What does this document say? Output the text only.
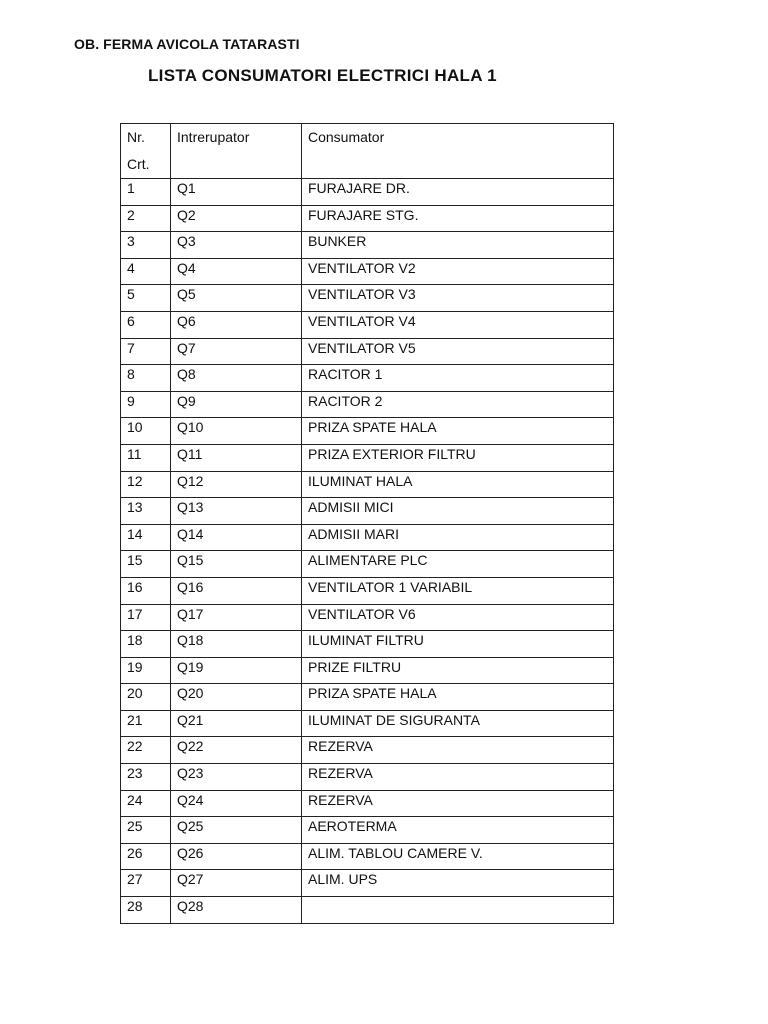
OB. FERMA AVICOLA TATARASTI
LISTA CONSUMATORI ELECTRICI HALA 1
Nr.
Crt.	Intrerupator	Consumator
1	Q1	FURAJARE DR.
2	Q2	FURAJARE STG.
3	Q3	BUNKER
4	Q4	VENTILATOR V2
5	Q5	VENTILATOR V3
6	Q6	VENTILATOR V4
7	Q7	VENTILATOR V5
8	Q8	RACITOR 1
9	Q9	RACITOR 2
10	Q10	PRIZA SPATE HALA
11	Q11	PRIZA EXTERIOR FILTRU
12	Q12	ILUMINAT HALA
13	Q13	ADMISII MICI
14	Q14	ADMISII MARI
15	Q15	ALIMENTARE PLC
16	Q16	VENTILATOR 1 VARIABIL
17	Q17	VENTILATOR V6
18	Q18	ILUMINAT FILTRU
19	Q19	PRIZE FILTRU
20	Q20	PRIZA SPATE HALA
21	Q21	ILUMINAT DE SIGURANTA
22	Q22	REZERVA
23	Q23	REZERVA
24	Q24	REZERVA
25	Q25	AEROTERMA
26	Q26	ALIM. TABLOU CAMERE V.
27	Q27	ALIM. UPS
28	Q28	
